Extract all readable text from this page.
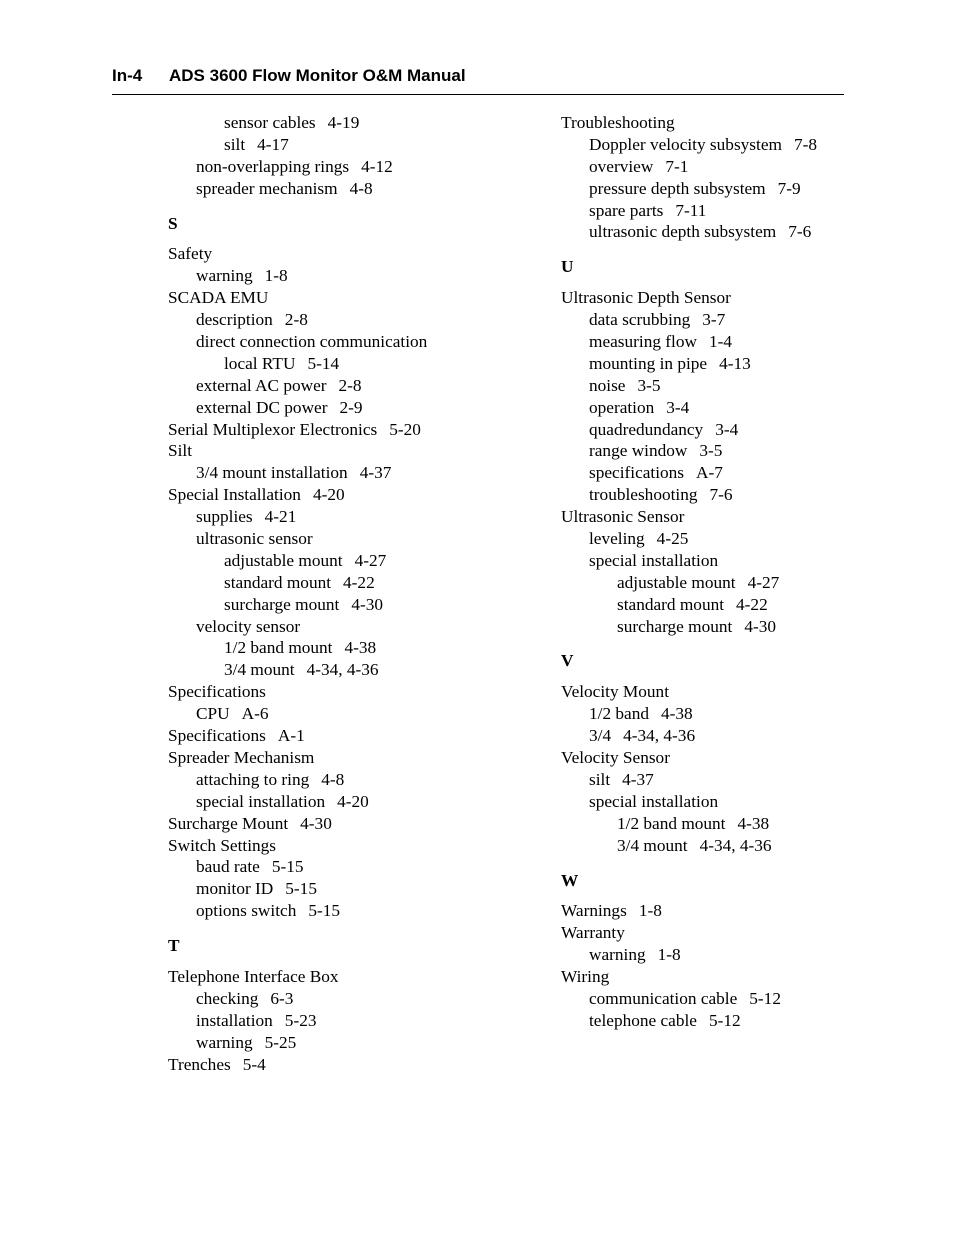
In-4 ADS 3600 Flow Monitor O&M Manual
sensor cables 4-19
silt 4-17
non-overlapping rings 4-12
spreader mechanism 4-8
S
Safety
warning 1-8
SCADA EMU
description 2-8
direct connection communication
local RTU 5-14
external AC power 2-8
external DC power 2-9
Serial Multiplexor Electronics 5-20
Silt
3/4 mount installation 4-37
Special Installation 4-20
supplies 4-21
ultrasonic sensor
adjustable mount 4-27
standard mount 4-22
surcharge mount 4-30
velocity sensor
1/2 band mount 4-38
3/4 mount 4-34, 4-36
Specifications
CPU A-6
Specifications A-1
Spreader Mechanism
attaching to ring 4-8
special installation 4-20
Surcharge Mount 4-30
Switch Settings
baud rate 5-15
monitor ID 5-15
options switch 5-15
T
Telephone Interface Box
checking 6-3
installation 5-23
warning 5-25
Trenches 5-4
Troubleshooting
Doppler velocity subsystem 7-8
overview 7-1
pressure depth subsystem 7-9
spare parts 7-11
ultrasonic depth subsystem 7-6
U
Ultrasonic Depth Sensor
data scrubbing 3-7
measuring flow 1-4
mounting in pipe 4-13
noise 3-5
operation 3-4
quadredundancy 3-4
range window 3-5
specifications A-7
troubleshooting 7-6
Ultrasonic Sensor
leveling 4-25
special installation
adjustable mount 4-27
standard mount 4-22
surcharge mount 4-30
V
Velocity Mount
1/2 band 4-38
3/4 4-34, 4-36
Velocity Sensor
silt 4-37
special installation
1/2 band mount 4-38
3/4 mount 4-34, 4-36
W
Warnings 1-8
Warranty
warning 1-8
Wiring
communication cable 5-12
telephone cable 5-12
